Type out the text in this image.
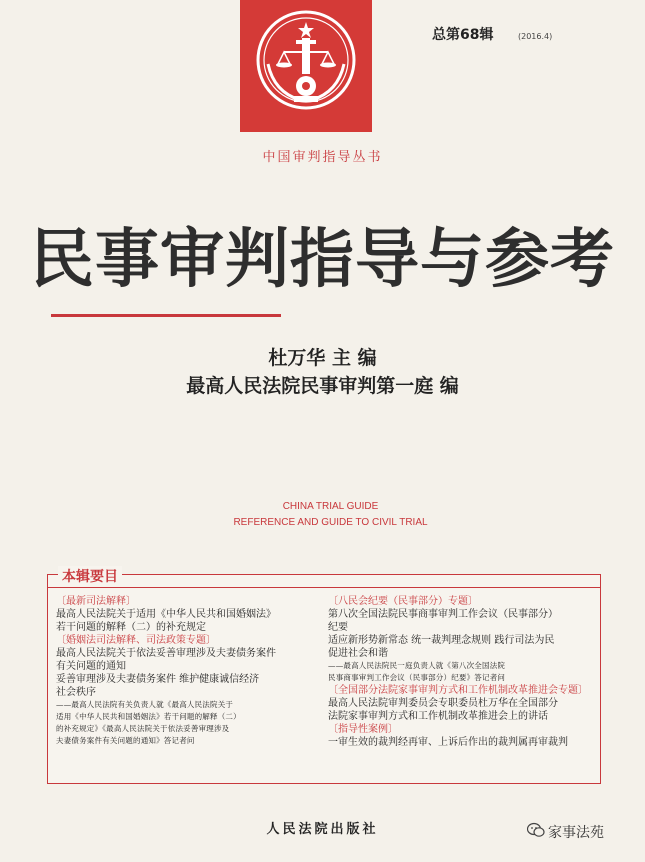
总第68辑	(2016.4)
中国审判指导丛书
民事审判指导与参考
杜万华 主 编
最高人民法院民事审判第一庭 编
CHINA TRIAL GUIDE
REFERENCE AND GUIDE TO CIVIL TRIAL
本辑要目
〔最新司法解释〕
最高人民法院关于适用《中华人民共和国婚姻法》
若干问题的解释（二）的补充规定
〔婚姻法司法解释、司法政策专题〕
最高人民法院关于依法妥善审理涉及夫妻债务案件
有关问题的通知
妥善审理涉及夫妻债务案件 维护健康诚信经济
社会秩序
——最高人民法院有关负责人就《最高人民法院关于
适用《中华人民共和国婚姻法》若干问题的解释（二）
的补充规定》《最高人民法院关于依法妥善审理涉及
夫妻债务案件有关问题的通知》答记者问
〔八民会纪要（民事部分）专题〕
第八次全国法院民事商事审判工作会议（民事部分）
纪要
适应新形势新常态 统一裁判理念规则 践行司法为民
促进社会和谐
——最高人民法院民一庭负责人就《第八次全国法院
民事商事审判工作会议（民事部分）纪要》答记者问
〔全国部分法院家事审判方式和工作机制改革推进会专题〕
最高人民法院审判委员会专职委员杜万华在全国部分
法院家事审判方式和工作机制改革推进会上的讲话
〔指导性案例〕
一审生效的裁判经再审、上诉后作出的裁判属再审裁判
人民法院出版社	家事法苑
